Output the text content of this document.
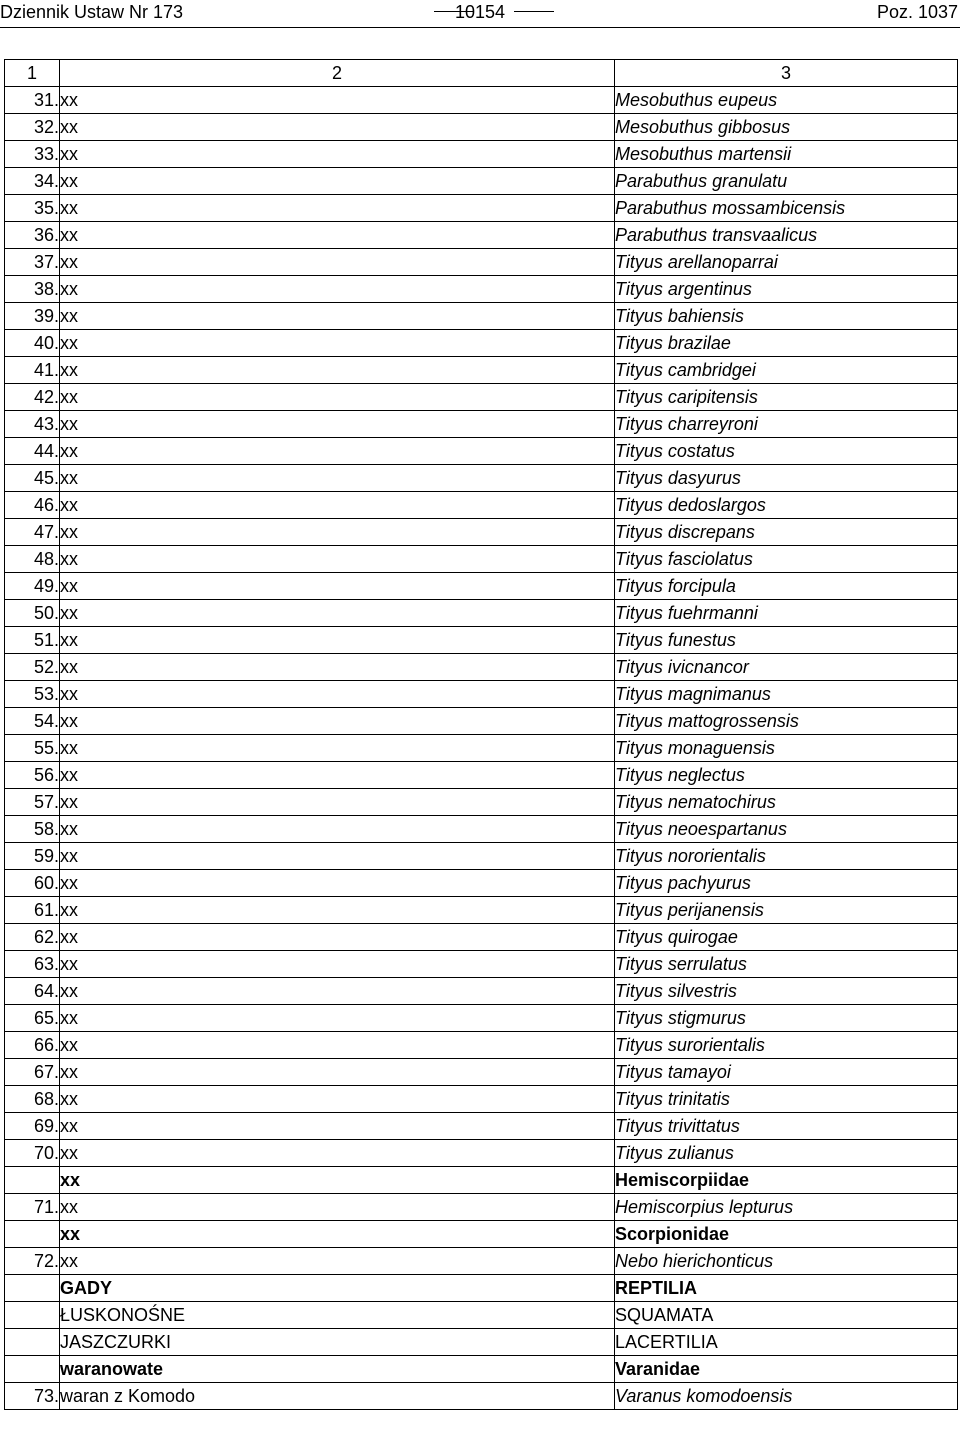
Dziennik Ustaw Nr 173	10154	Poz. 1037
1	2	3
31.	xx	Mesobuthus eupeus
32.	xx	Mesobuthus gibbosus
33.	xx	Mesobuthus martensii
34.	xx	Parabuthus granulatu
35.	xx	Parabuthus mossambicensis
36.	xx	Parabuthus transvaalicus
37.	xx	Tityus arellanoparrai
38.	xx	Tityus argentinus
39.	xx	Tityus bahiensis
40.	xx	Tityus brazilae
41.	xx	Tityus cambridgei
42.	xx	Tityus caripitensis
43.	xx	Tityus charreyroni
44.	xx	Tityus costatus
45.	xx	Tityus dasyurus
46.	xx	Tityus dedoslargos
47.	xx	Tityus discrepans
48.	xx	Tityus fasciolatus
49.	xx	Tityus forcipula
50.	xx	Tityus fuehrmanni
51.	xx	Tityus funestus
52.	xx	Tityus ivicnancor
53.	xx	Tityus magnimanus
54.	xx	Tityus mattogrossensis
55.	xx	Tityus monaguensis
56.	xx	Tityus neglectus
57.	xx	Tityus nematochirus
58.	xx	Tityus neoespartanus
59.	xx	Tityus nororientalis
60.	xx	Tityus pachyurus
61.	xx	Tityus perijanensis
62.	xx	Tityus quirogae
63.	xx	Tityus serrulatus
64.	xx	Tityus silvestris
65.	xx	Tityus stigmurus
66.	xx	Tityus surorientalis
67.	xx	Tityus tamayoi
68.	xx	Tityus trinitatis
69.	xx	Tityus trivittatus
70.	xx	Tityus zulianus
	xx	Hemiscorpiidae
71.	xx	Hemiscorpius lepturus
	xx	Scorpionidae
72.	xx	Nebo hierichonticus
	GADY	REPTILIA
	ŁUSKONOŚNE	SQUAMATA
	JASZCZURKI	LACERTILIA
	waranowate	Varanidae
73.	waran z Komodo	Varanus komodoensis
